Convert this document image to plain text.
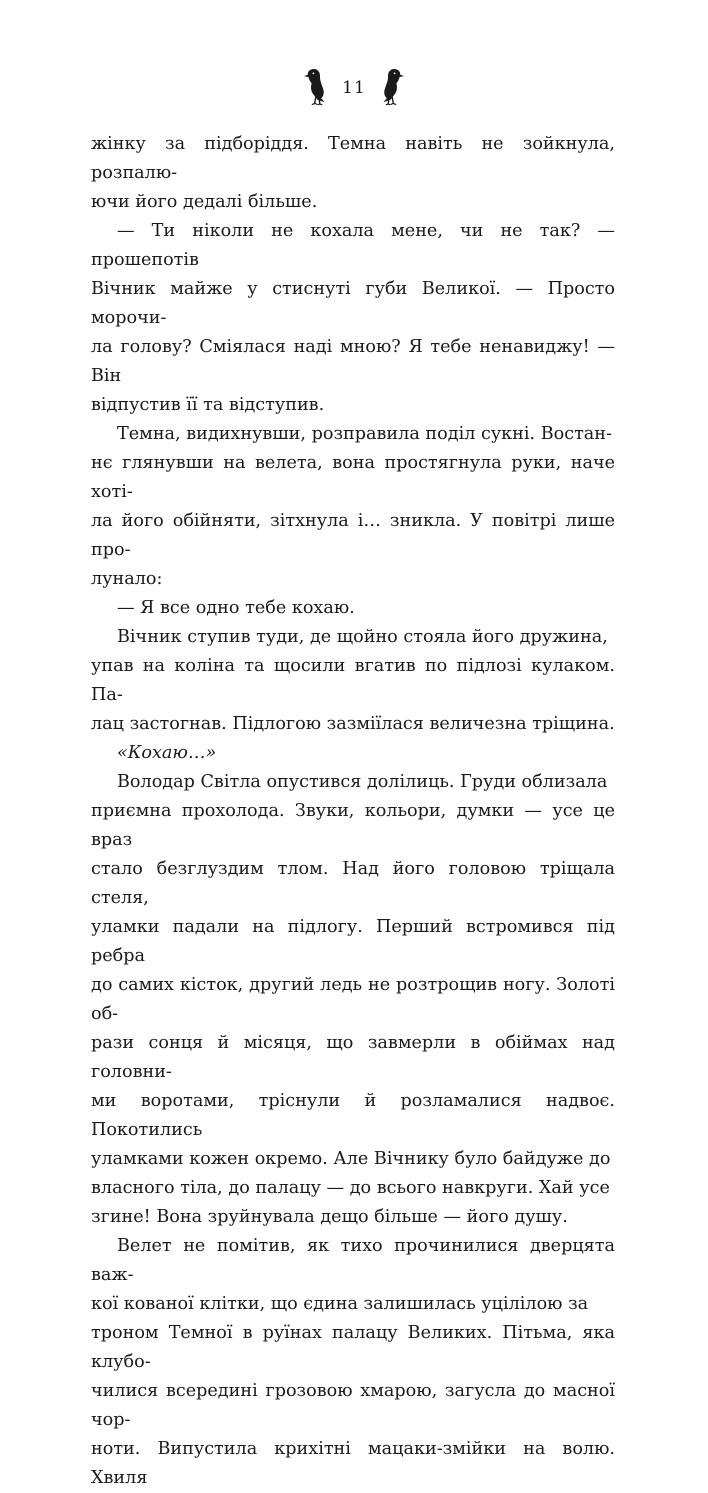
11

жінку за підборіддя. Темна навіть не зойкнула, розпалю-
ючи його дедалі більше.

— Ти ніколи не кохала мене, чи не так? — прошепотів
Вічник майже у стиснуті губи Великої. — Просто морочи-
ла голову? Сміялася наді мною? Я тебе ненавиджу! — Він
відпустив її та відступив.

Темна, видихнувши, розправила поділ сукні. Востан-
нє глянувши на велета, вона простягнула руки, наче хоті-
ла його обійняти, зітхнула і… зникла. У повітрі лише про-
лунало:

— Я все одно тебе кохаю.

Вічник ступив туди, де щойно стояла його дружина,
упав на коліна та щосили вгатив по підлозі кулаком. Па-
лац застогнав. Підлогою зазміїлася величезна тріщина.

«Кохаю…»

Володар Світла опустився долілиць. Груди облизала
приємна прохолода. Звуки, кольори, думки — усе це враз
стало безглуздим тлом. Над його головою тріщала стеля,
уламки падали на підлогу. Перший встромився під ребра
до самих кісток, другий ледь не розтрощив ногу. Золоті об-
рази сонця й місяця, що завмерли в обіймах над головни-
ми воротами, тріснули й розламалися надвоє. Покотились
уламками кожен окремо. Але Вічнику було байдуже до
власного тіла, до палацу — до всього навкруги. Хай усе
згине! Вона зруйнувала дещо більше — його душу.

Велет не помітив, як тихо прочинилися дверцята важ-
кої кованої клітки, що єдина залишилась уцілілою за
троном Темної в руїнах палацу Великих. Пітьма, яка клубо-
чилися всередині грозовою хмарою, загусла до масної чор-
ноти. Випустила крихітні мацаки-змійки на волю. Хвиля
